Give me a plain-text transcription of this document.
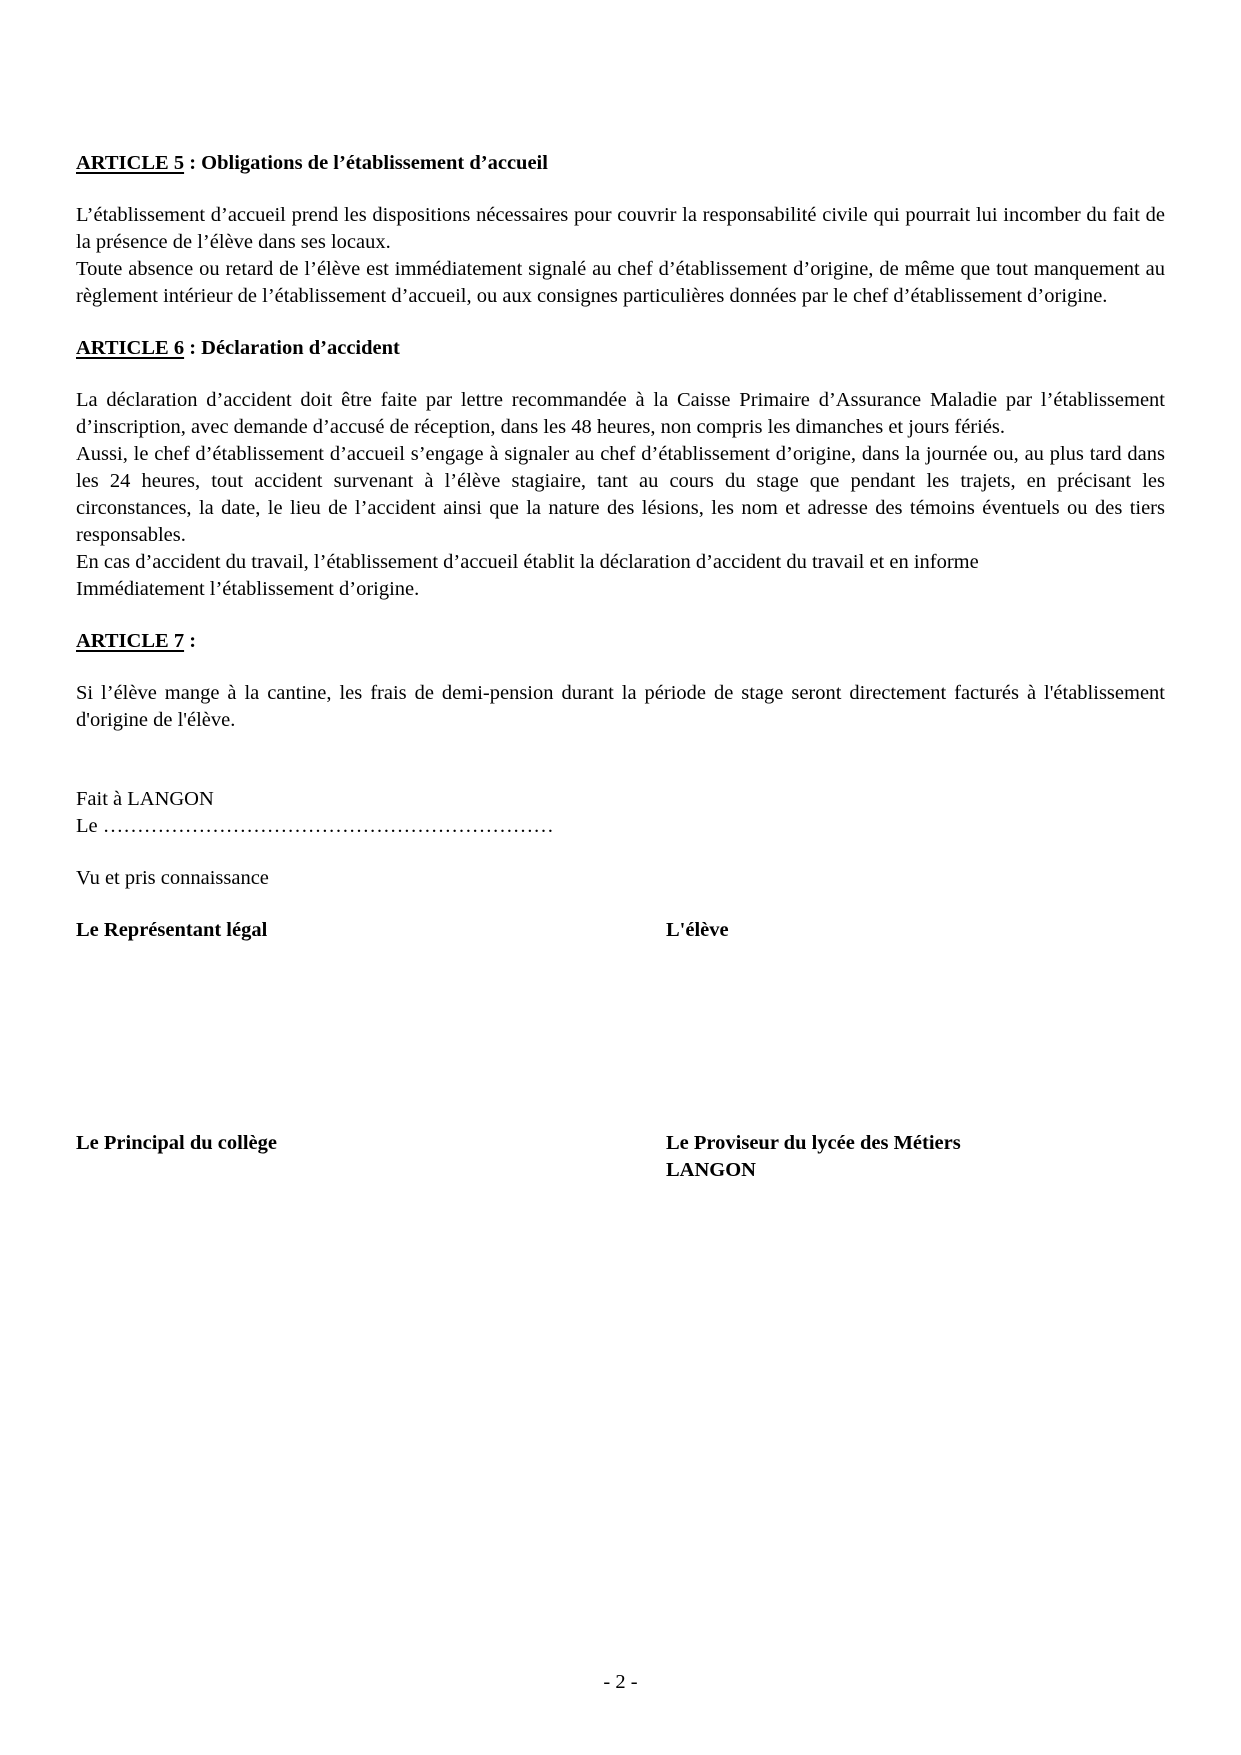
ARTICLE 5 : Obligations de l’établissement d’accueil

L’établissement d’accueil prend les dispositions nécessaires pour couvrir la responsabilité civile qui pourrait lui incomber du fait de la présence de l’élève dans ses locaux.

Toute absence ou retard de l’élève est immédiatement signalé au chef d’établissement d’origine, de même que tout manquement au règlement intérieur de l’établissement d’accueil, ou aux consignes particulières données par le chef d’établissement d’origine.

ARTICLE 6 : Déclaration d’accident

La déclaration d’accident doit être faite par lettre recommandée à la Caisse Primaire d’Assurance Maladie par l’établissement d’inscription, avec demande d’accusé de réception, dans les 48 heures, non compris les dimanches et jours fériés.

Aussi, le chef d’établissement d’accueil s’engage à signaler au chef d’établissement d’origine, dans la journée ou, au plus tard dans les 24 heures, tout accident survenant à l’élève stagiaire, tant au cours du stage que pendant les trajets, en précisant les circonstances, la date, le lieu de l’accident ainsi que la nature des lésions, les nom et adresse des témoins éventuels ou des tiers responsables.

En cas d’accident du travail, l’établissement d’accueil établit la déclaration d’accident du travail et en informe

Immédiatement l’établissement d’origine.

ARTICLE 7 :

Si l’élève mange à la cantine, les frais de demi-pension durant la période de stage seront directement facturés à l'établissement d'origine de l'élève.

Fait à LANGON

Le …………………………………………………………

Vu et pris connaissance

Le Représentant légal	L'élève
Le Principal du collège	Le Proviseur du lycée des Métiers
LANGON
- 2 -
